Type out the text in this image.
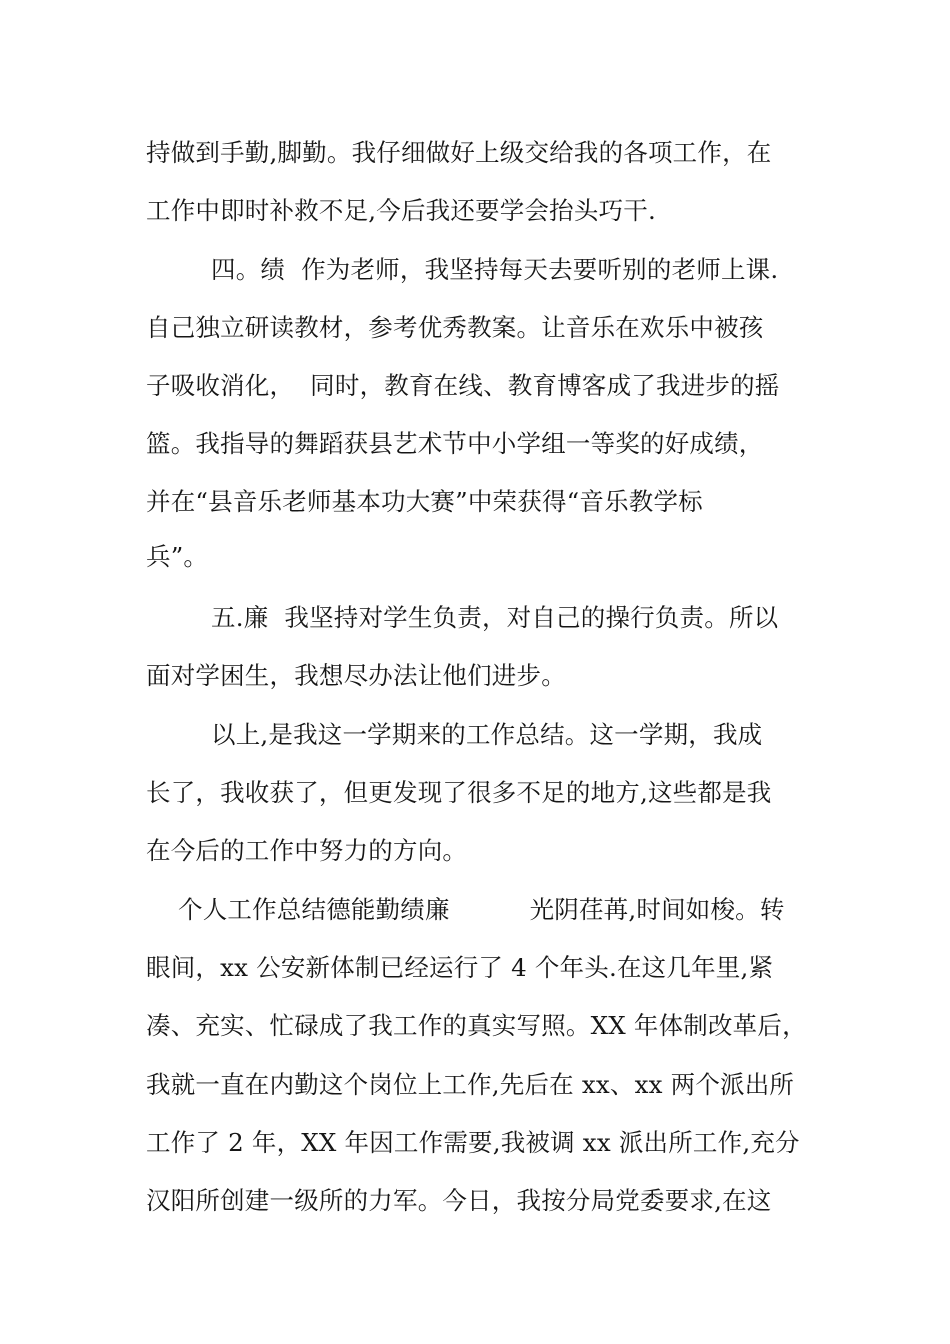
持做到手勤,脚勤。我仔细做好上级交给我的各项工作，在
工作中即时补救不足,今后我还要学会抬头巧干.
四。绩  作为老师，我坚持每天去要听别的老师上课.
自己独立研读教材，参考优秀教案。让音乐在欢乐中被孩
子吸收消化，  同时，教育在线、教育博客成了我进步的摇
篮。我指导的舞蹈获县艺术节中小学组一等奖的好成绩，
并在“县音乐老师基本功大赛”中荣获得“音乐教学标
兵”。
五.廉  我坚持对学生负责，对自己的操行负责。所以
面对学困生，我想尽办法让他们进步。
以上,是我这一学期来的工作总结。这一学期，我成
长了，我收获了，但更发现了很多不足的地方,这些都是我
在今后的工作中努力的方向。
个人工作总结德能勤绩廉          光阴荏苒,时间如梭。转
眼间，xx 公安新体制已经运行了 4 个年头.在这几年里,紧
凑、充实、忙碌成了我工作的真实写照。XX 年体制改革后，
我就一直在内勤这个岗位上工作,先后在 xx、xx 两个派出所
工作了 2 年，XX 年因工作需要,我被调 xx 派出所工作,充分
汉阳所创建一级所的力军。今日，我按分局党委要求,在这
